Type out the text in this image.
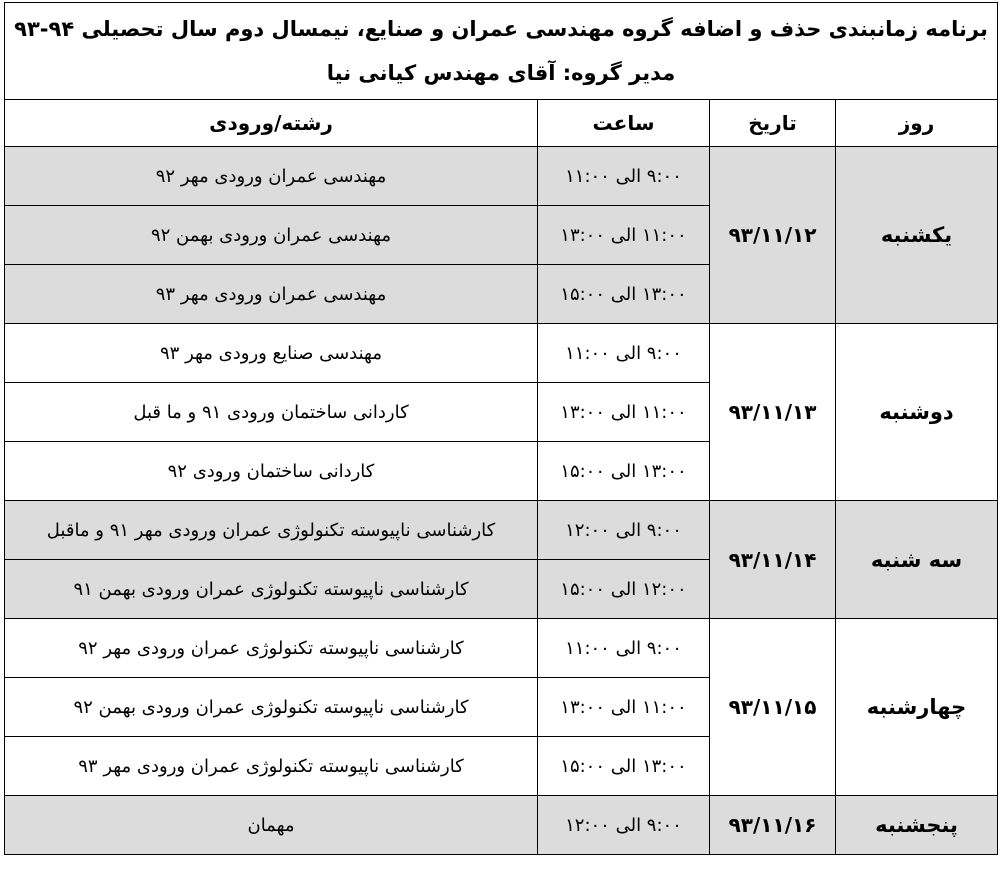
برنامه زمانبندی حذف و اضافه گروه مهندسی عمران و صنایع، نیمسال دوم سال تحصیلی ۹۴-۹۳
مدیر گروه: آقای مهندس کیانی نیا			

روز	تاریخ	ساعت	رشته/ورودی
یکشنبه	۹۳/۱۱/۱۲	۹:۰۰ الی ۱۱:۰۰	مهندسی عمران ورودی مهر ۹۲
		۱۱:۰۰ الی ۱۳:۰۰	مهندسی عمران ورودی بهمن ۹۲
		۱۳:۰۰ الی ۱۵:۰۰	مهندسی عمران ورودی مهر ۹۳
دوشنبه	۹۳/۱۱/۱۳	۹:۰۰ الی ۱۱:۰۰	مهندسی صنایع ورودی مهر ۹۳
		۱۱:۰۰ الی ۱۳:۰۰	کاردانی ساختمان ورودی ۹۱ و ما قبل
		۱۳:۰۰ الی ۱۵:۰۰	کاردانی ساختمان ورودی ۹۲
سه شنبه	۹۳/۱۱/۱۴	۹:۰۰ الی ۱۲:۰۰	کارشناسی ناپیوسته تکنولوژی عمران ورودی مهر ۹۱ و ماقبل
		۱۲:۰۰ الی ۱۵:۰۰	کارشناسی ناپیوسته تکنولوژی عمران ورودی بهمن ۹۱
چهارشنبه	۹۳/۱۱/۱۵	۹:۰۰ الی ۱۱:۰۰	کارشناسی ناپیوسته تکنولوژی عمران ورودی مهر ۹۲
		۱۱:۰۰ الی ۱۳:۰۰	کارشناسی ناپیوسته تکنولوژی عمران ورودی بهمن ۹۲
		۱۳:۰۰ الی ۱۵:۰۰	کارشناسی ناپیوسته تکنولوژی عمران ورودی مهر ۹۳
پنجشنبه	۹۳/۱۱/۱۶	۹:۰۰ الی ۱۲:۰۰	مهمان
